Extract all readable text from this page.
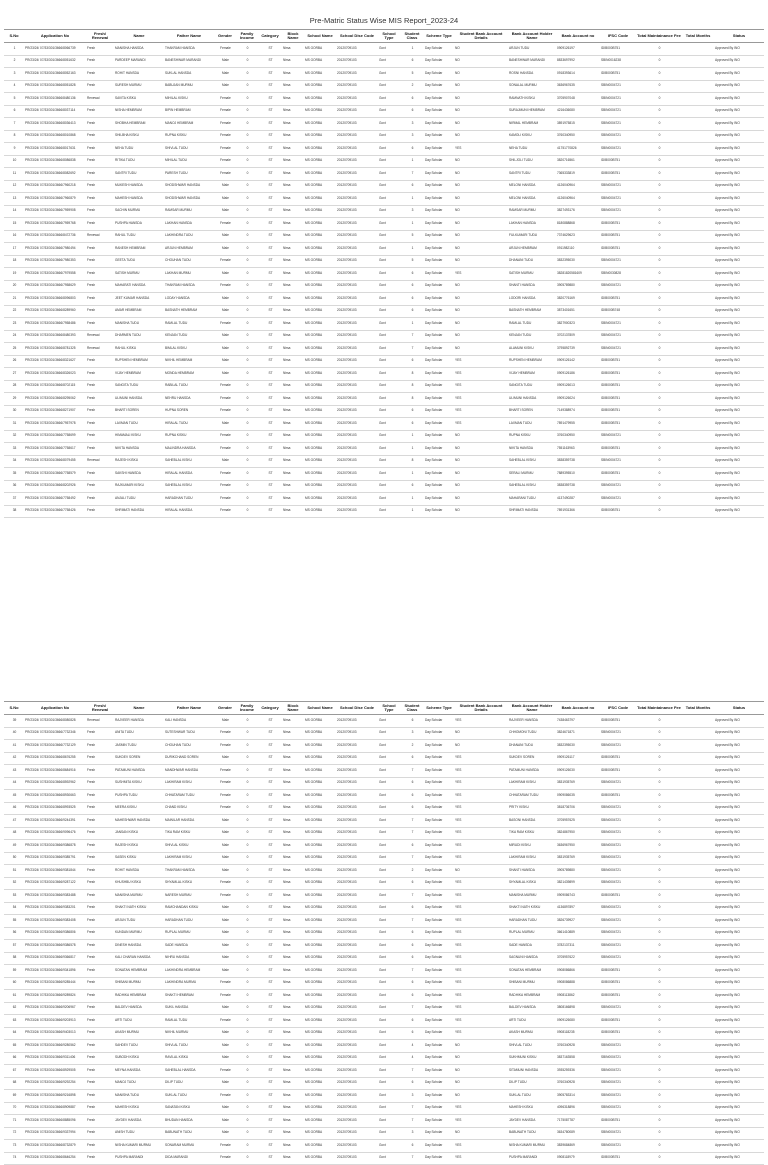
Pre-Matric Status Wise MIS Report_2023-24
S.No	Application No	Fresh/ Renewal	Name	Father Name	Gender	Family Income	Category	Block Name	School Name	School Dise Code	School Type	Student Class	Scheme Type	Student Bank Account Details	Bank Account Holder Name	Bank Account no	IFSC Code	Total Maintainance Fee	Total Months	Status
1	PR/23/24/ 07/33/301/3666/8066739	Fresh	MANISHA HANSDA	THAKRAM HANSDA	Female	0	ST	Nirsa	MS GORBA	20120709103	Govt	1	Day Scholar	NO	ARJUN TUDU	0909126197	IDIB000B751	0		Approved By INO
2	PR/23/24/ 07/33/301/3666/8051632	Fresh	PARDEEP MARANDI	BANESHWAR MARANDI	Male	0	ST	Nirsa	MS GORBA	20120709103	Govt	6	Day Scholar	NO	BANESHWAR MARANDI	8833697992	SBIN0016238	0		Approved By INO
3	PR/23/24/ 07/33/301/3666/8052163	Fresh	ROHIT HANSDA	SUKLAL HANSDA	Male	0	ST	Nirsa	MS GORBA	20120709103	Govt	5	Day Scholar	NO	ROSNI HANSDA	0918393614	IDIB000B751	0		Approved By INO
4	PR/23/24/ 07/33/301/3666/8051828	Fresh	SURESH MURMU	BABUJAN MURMU	Male	0	ST	Nirsa	MS GORBA	20120709103	Govt	2	Day Scholar	NO	SONALAL MURMU	3636967635	SBIN0004721	0		Approved By INO
5	PR/23/24/ 07/33/301/3666/8480136	Renewal	SAVITA KISKU	MIHILAL KISKU	Female	0	ST	Nirsa	MS GORBA	20120709103	Govt	6	Day Scholar	NO	RAMNATH KISKU	3705907048	SBIN0004721	0		Approved By INO
6	PR/23/24/ 07/33/301/3666/8037114	Fresh	NISHA HEMBRAM	BIPIN HEMBRAM	Female	0	ST	Nirsa	MS GORBA	20120709103	Govt	6	Day Scholar	NO	SURAJMUNI HEMBRAM	4216436080	SBIN0004721	0		Approved By INO
7	PR/23/24/ 07/33/301/3666/8036413	Fresh	SHOBHA HEMBRAM	MANOJ HEMBRAM	Female	0	ST	Nirsa	MS GORBA	20120709103	Govt	3	Day Scholar	NO	NIRMAL HEMBRAM	3891975815	SBIN0004721	0		Approved By INO
8	PR/23/24/ 07/33/301/3666/8010868	Fresh	SHILBHA KISKU	RUPNA KISKU	Female	0	ST	Nirsa	MS GORBA	20120709103	Govt	3	Day Scholar	NO	KAMOLI KISKU	3760340950	SBIN0004721	0		Approved By INO
9	PR/23/24/ 07/33/301/3666/8017631	Fresh	NEHA TUDU	SHIVLAL TUDU	Female	0	ST	Nirsa	MS GORBA	20120709103	Govt	6	Day Scholar	YES	NEHA TUDU	41751770826	SBIN0004721	0		Approved By INO
10	PR/23/24/ 07/33/301/3666/8086838	Fresh	RITIKA TUDU	MIHILAL TUDU	Female	0	ST	Nirsa	MS GORBA	20120709103	Govt	1	Day Scholar	NO	SHILJOLI TUDU	3820716561	IDIB000B751	0		Approved By INO
11	PR/23/24/ 07/33/301/3666/8082692	Fresh	SANTRI TUDU	PARESH TUDU	Female	0	ST	Nirsa	MS GORBA	20120709103	Govt	7	Day Scholar	NO	SANTRI TUDU	7365333819	IDIB000B751	0		Approved By INO
12	PR/23/24/ 07/33/301/3666/7960218	Fresh	MUKESH HANSDA	SHODSHWAR HANSDA	Male	0	ST	Nirsa	MS GORBA	20120709103	Govt	6	Day Scholar	NO	MELONI HANSDA	4126040964	SBIN0004721	0		Approved By INO
13	PR/23/24/ 07/33/301/3666/7960879	Fresh	MAHESH HANSDA	SHODSHWAR HANSDA	Male	0	ST	Nirsa	MS GORBA	20120709103	Govt	1	Day Scholar	NO	MELONI HANSDA	4126040964	SBIN0004721	0		Approved By INO
14	PR/23/24/ 07/33/301/3666/7959908	Fresh	SACHIN MURMU	RAMSAR MURMU	Male	0	ST	Nirsa	MS GORBA	20120709103	Govt	3	Day Scholar	NO	RAMSAR MURMU	3827493176	SBIN0004721	0		Approved By INO
15	PR/23/24/ 07/33/301/3666/7959768	Fresh	PUSHPA HANSDA	LAKHAN HANSDA	Female	0	ST	Nirsa	MS GORBA	20120709103	Govt	1	Day Scholar	NO	LAKHAN HANSDA	8180888868	IDIB000B751	0		Approved By INO
16	PR/23/24/ 07/33/301/3666/8472736	Renewal	RAHUL TUDU	LAKHINDRA TUDU	Male	0	ST	Nirsa	MS GORBA	20120709103	Govt	5	Day Scholar	NO	FULKUMARI TUDU	7374629623	IDIB000B751	0		Approved By INO
17	PR/23/24/ 07/33/301/3666/7980494	Fresh	RANESH HEMBRAM	ARJUN HEMBRAM	Male	0	ST	Nirsa	MS GORBA	20120709103	Govt	1	Day Scholar	NO	ARJUN HEMBRAM	0911982110	IDIB000B751	0		Approved By INO
18	PR/23/24/ 07/33/301/3666/7980353	Fresh	GEETA TUDU	CHOUHAN TUDU	Female	0	ST	Nirsa	MS GORBA	20120709103	Govt	5	Day Scholar	NO	DHANANI TUDU	3832395030	SBIN0004721	0		Approved By INO
19	PR/23/24/ 07/33/301/3666/7979558	Fresh	SATISH MURMU	LAKHAN MURMU	Male	0	ST	Nirsa	MS GORBA	20120709103	Govt	6	Day Scholar	YES	SATISH MURMU	38281820581609	SBIN0030828	0		Approved By INO
20	PR/23/24/ 07/33/301/3666/7958629	Fresh	MAHARATI HANSDA	THAKRAM HANSDA	Female	0	ST	Nirsa	MS GORBA	20120709103	Govt	6	Day Scholar	NO	SHANTI HANSDA	3905789880	SBIN0004721	0		Approved By INO
21	PR/23/24/ 07/33/301/3666/8096803	Fresh	JEET KUMAR HANSDA	LODAY HANSDA	Male	0	ST	Nirsa	MS GORBA	20120709103	Govt	6	Day Scholar	NO	LODORI HANSDA	3820776169	IDIB000B751	0		Approved By INO
22	PR/23/24/ 07/33/301/3666/8289960	Fresh	AMAR HEMBRAM	BASNATH HEMBRAM	Male	0	ST	Nirsa	MS GORBA	20120709103	Govt	6	Day Scholar	NO	BASNATH HEMBRAM	3873401651	IDIB000B748	0		Approved By INO
23	PR/23/24/ 07/33/301/3666/7958486	Fresh	MANISHA TUDU	RAMLAL TUDU	Female	0	ST	Nirsa	MS GORBA	20120709103	Govt	1	Day Scholar	NO	RAMLAL TUDU	3827900323	SBIN0004721	0		Approved By INO
24	PR/23/24/ 07/33/301/3666/8480393	Renewal	DHARMEN TUDU	KENJAN TUDU	Male	0	ST	Nirsa	MS GORBA	20120709103	Govt	7	Day Scholar	NO	KENJAN TUDU	3702137809	SBIN0004721	0		Approved By INO
25	PR/23/24/ 07/33/301/3666/8781325	Renewal	RAHUL KISKU	BIMLAL KISKU	Male	0	ST	Nirsa	MS GORBA	20120709103	Govt	7	Day Scholar	NO	ALAMUNI KISKU	3795892739	SBIN0004721	0		Approved By INO
26	PR/23/24/ 07/33/301/3666/8321627	Fresh	RUPSHEN HEMBRAM	NIKHIL HEMBRAM	Male	0	ST	Nirsa	MS GORBA	20120709103	Govt	6	Day Scholar	YES	RUPSHEN HEMBRAM	0909126142	IDIB000B751	0		Approved By INO
27	PR/23/24/ 07/33/301/3666/8326023	Fresh	VIJAY HEMBRAM	MONDA HEMBRAM	Male	0	ST	Nirsa	MS GORBA	20120709103	Govt	8	Day Scholar	YES	VIJAY HEMBRAM	0909126186	IDIB000B751	0		Approved By INO
28	PR/23/24/ 07/33/301/3666/8702115	Fresh	SANGITA TUDU	RABILAL TUDU	Female	0	ST	Nirsa	MS GORBA	20120709103	Govt	8	Day Scholar	YES	SANGITA TUDU	0909126013	IDIB000B751	0		Approved By INO
29	PR/23/24/ 07/33/301/3666/8295062	Fresh	ULIMUNI HANSDA	NEHRU HANSDA	Female	0	ST	Nirsa	MS GORBA	20120709103	Govt	8	Day Scholar	YES	ULIMUNI HANSDA	0909126024	IDIB000B751	0		Approved By INO
30	PR/23/24/ 07/33/301/3666/8271907	Fresh	BHARTI SOREN	HUPNA SOREN	Female	0	ST	Nirsa	MS GORBA	20120709103	Govt	6	Day Scholar	YES	BHARTI SOREN	7149388974	IDIB000B751	0		Approved By INO
31	PR/23/24/ 07/33/301/3666/7957978	Fresh	LAXMAN TUDU	HIRALAL TUDU	Male	0	ST	Nirsa	MS GORBA	20120709103	Govt	6	Day Scholar	YES	LAXMAN TUDU	7891479955	IDIB000B751	0		Approved By INO
32	PR/23/24/ 07/33/301/3666/7758699	Fresh	HIMAMALI KISKU	RUPNA KISKU	Female	0	ST	Nirsa	MS GORBA	20120709103	Govt	1	Day Scholar	NO	RUPNA KISKU	3760340950	SBIN0004721	0		Approved By INO
33	PR/23/24/ 07/33/301/3666/7758617	Fresh	NIKITA HANSDA	MALINDRA HANSDA	Female	0	ST	Nirsa	MS GORBA	20120709103	Govt	1	Day Scholar	NO	NIKITA HANSDA	7551163963	IDIB000B751	0		Approved By INO
34	PR/23/24/ 07/33/301/3666/8079455	Renewal	RAJESH KISKU	SAHEBLAL KISKU	Male	0	ST	Nirsa	MS GORBA	20120709103	Govt	8	Day Scholar	NO	SAHEBLAL KISKU	3838359738	SBIN0004721	0		Approved By INO
35	PR/23/24/ 07/33/301/3666/7758579	Fresh	SAKSHI HANSDA	HIRALAL HANSDA	Female	0	ST	Nirsa	MS GORBA	20120709103	Govt	1	Day Scholar	NO	SERALI MURMU	7889395510	IDIB000B751	0		Approved By INO
36	PR/23/24/ 07/33/301/3666/8202926	Fresh	RAJKUMARI KISKU	SAHEBLAL KISKU	Female	0	ST	Nirsa	MS GORBA	20120709103	Govt	6	Day Scholar	NO	SAHEBLAL KISKU	3838359738	SBIN0004721	0		Approved By INO
37	PR/23/24/ 07/33/301/3666/7758492	Fresh	ANJALI TUDU	HARADHAN TUDU	Female	0	ST	Nirsa	MS GORBA	20120709103	Govt	1	Day Scholar	NO	MAHARANI TUDU	4137490287	SBIN0004721	0		Approved By INO
38	PR/23/24/ 07/33/301/3666/7758426	Fresh	SHRIMATI HANSDA	HIRALAL HANSDA	Female	0	ST	Nirsa	MS GORBA	20120709103	Govt	1	Day Scholar	NO	SHRIMATI HANSDA	7891931366	IDIB000B751	0		Approved By INO
S.No	Application No	Fresh/ Renewal	Name	Father Name	Gender	Family Income	Category	Block Name	School Name	School Dise Code	School Type	Student Class	Scheme Type	Student Bank Account Details	Bank Account Holder Name	Bank Account no	IFSC Code	Total Maintainance Fee	Total Months	Status
39	PR/23/24/ 07/33/301/3666/8080828	Renewal	RAJVEER HANSDA	KALI HANSDA	Male	0	ST	Nirsa	MS GORBA	20120709103	Govt	6	Day Scholar	YES	RAJVEER HANSDA	7438463797	IDIB000B751	0		Approved By INO
40	PR/23/24/ 07/33/301/3666/7732346	Fresh	ANITA TUDU	SUTESHWAR TUDU	Female	0	ST	Nirsa	MS GORBA	20120709103	Govt	3	Day Scholar	NO	CHHOMONI TUDU	3824671871	SBIN0004721	0		Approved By INO
41	PR/23/24/ 07/33/301/3666/7732129	Fresh	JASMIN TUDU	CHOUHAN TUDU	Female	0	ST	Nirsa	MS GORBA	20120709103	Govt	2	Day Scholar	NO	DHANANI TUDU	3832395030	SBIN0004721	0		Approved By INO
42	PR/23/24/ 07/33/301/3666/8676255	Fresh	SUKDEV SOREN	DURIKCHAND SOREN	Male	0	ST	Nirsa	MS GORBA	20120709103	Govt	6	Day Scholar	YES	SUKDEV SOREN	0909126117	IDIB000B751	0		Approved By INO
43	PR/23/24/ 07/33/301/3666/8684916	Fresh	PATAMUNI HANSDA	MANDHWAR HANSDA	Female	0	ST	Nirsa	MS GORBA	20120709103	Govt	7	Day Scholar	YES	PATAMUNI HANSDA	0909126030	IDIB000B751	0		Approved By INO
44	PR/23/24/ 07/33/301/3666/8592962	Fresh	SUSHMITA KISKU	LAKHIRAM KISKU	Female	0	ST	Nirsa	MS GORBA	20120709103	Govt	6	Day Scholar	YES	LAKHIRAM KISKU	3831935769	SBIN0004721	0		Approved By INO
45	PR/23/24/ 07/33/301/3666/8930663	Fresh	PUSHPA TUDU	CHHATARAM TUDU	Female	0	ST	Nirsa	MS GORBA	20120709103	Govt	6	Day Scholar	YES	CHHATARAM TUDU	0909086035	IDIB000B751	0		Approved By INO
46	PR/23/24/ 07/33/301/3666/8993525	Fresh	MEERA KISKU	CHAND KISKU	Female	0	ST	Nirsa	MS GORBA	20120709103	Govt	6	Day Scholar	YES	PRITY KISKU	3818736706	SBIN0004721	0		Approved By INO
47	PR/23/24/ 07/33/301/3666/9244391	Fresh	MAHESHWAR HANSDA	MAINILAR HANSDA	Male	0	ST	Nirsa	MS GORBA	20120709103	Govt	7	Day Scholar	YES	BASONI HANSDA	3705957625	SBIN0004721	0		Approved By INO
48	PR/23/24/ 07/33/301/3666/9096476	Fresh	JANSAN KISKU	TIKA RAM KISKU	Male	0	ST	Nirsa	MS GORBA	20120709103	Govt	7	Day Scholar	YES	TIKA RAM KISKU	3824867950	SBIN0004721	0		Approved By INO
49	PR/23/24/ 07/33/301/3666/9386878	Fresh	RAJESH KISKU	SHIVLAL KISKU	Male	0	ST	Nirsa	MS GORBA	20120709103	Govt	6	Day Scholar	YES	MIRUDI KISKU	3636967950	SBIN0004721	0		Approved By INO
50	PR/23/24/ 07/33/301/3666/9385791	Fresh	SASEN KISKU	LAKHIRAM KISKU	Male	0	ST	Nirsa	MS GORBA	20120709103	Govt	7	Day Scholar	YES	LAKHIRAM KISKU	3831935769	SBIN0004721	0		Approved By INO
51	PR/23/24/ 07/33/301/3666/9381844	Fresh	ROHIT HANSDA	THAKRAM HANSDA	Male	0	ST	Nirsa	MS GORBA	20120709103	Govt	2	Day Scholar	NO	SHANTI HANSDA	3905789880	SBIN0004721	0		Approved By INO
52	PR/23/24/ 07/33/301/3666/9287122	Fresh	KHUSHBU KISKU	SHYAMLAL KISKU	Female	0	ST	Nirsa	MS GORBA	20120709103	Govt	6	Day Scholar	YES	SHYAMLAL KISKU	3821439899	SBIN0004721	0		Approved By INO
53	PR/23/24/ 07/33/301/3666/9383488	Fresh	MANISHA MURMU	NARESH MURMU	Female	0	ST	Nirsa	MS GORBA	20120709103	Govt	7	Day Scholar	YES	MANISHA MURMU	0909086743	IDIB000B751	0		Approved By INO
54	PR/23/24/ 07/33/301/3666/9383201	Fresh	SHAKTI NATH KISKU	RAMCHANDAN KISKU	Male	0	ST	Nirsa	MS GORBA	20120709103	Govt	6	Day Scholar	YES	SHAKTI NATH KISKU	4136897897	SBIN0004721	0		Approved By INO
55	PR/23/24/ 07/33/301/3666/9383408	Fresh	ARJUN TUDU	HARADHAN TUDU	Male	0	ST	Nirsa	MS GORBA	20120709103	Govt	7	Day Scholar	YES	HARADHAN TUDU	3826739927	SBIN0004721	0		Approved By INO
56	PR/23/24/ 07/33/301/3666/9386806	Fresh	KUNDAN MURMU	RUPLAL MURMU	Male	0	ST	Nirsa	MS GORBA	20120709103	Govt	6	Day Scholar	YES	RUPLAL MURMU	3661410889	SBIN0004721	0		Approved By INO
57	PR/23/24/ 07/33/301/3666/9386578	Fresh	DINESH HANSDA	SADE HANSDA	Male	0	ST	Nirsa	MS GORBA	20120709103	Govt	6	Day Scholar	YES	SADE HANSDA	3782137311	SBIN0004721	0		Approved By INO
58	PR/23/24/ 07/33/301/3666/9366817	Fresh	KALI CHARAN HANSDA	NIHRU HANSDA	Male	0	ST	Nirsa	MS GORBA	20120709103	Govt	6	Day Scholar	YES	SAGNUNI HANSDA	3705957622	SBIN0004721	0		Approved By INO
59	PR/23/24/ 07/33/301/3666/9341896	Fresh	SONATAN HEMBRAM	LAKHINDRA HEMBRAM	Male	0	ST	Nirsa	MS GORBA	20120709103	Govt	7	Day Scholar	YES	SONATAN HEMBRAM	0908086866	IDIB000B751	0		Approved By INO
60	PR/23/24/ 07/33/301/3666/9285444	Fresh	SHIBANI MURMU	LAKHINDRA MURMU	Female	0	ST	Nirsa	MS GORBA	20120709103	Govt	6	Day Scholar	YES	SHIBANI MURMU	0908086888	IDIB000B751	0		Approved By INO
61	PR/23/24/ 07/33/301/3666/9289824	Fresh	RADHIKA HEMBRAM	SHAKTI HEMBRAM	Female	0	ST	Nirsa	MS GORBA	20120709103	Govt	6	Day Scholar	YES	RADHIKA HEMBRAM	0908113862	IDIB000B751	0		Approved By INO
62	PR/23/24/ 07/33/301/3666/9206967	Fresh	BALDEV HANSDA	SUKIL HANSDA	Male	0	ST	Nirsa	MS GORBA	20120709103	Govt	7	Day Scholar	YES	BALDEV HANSDA	3808166898	SBIN0004721	0		Approved By INO
63	PR/23/24/ 07/33/301/3666/9203913	Fresh	ARTI TUDU	RAMLAL TUDU	Female	0	ST	Nirsa	MS GORBA	20120709103	Govt	6	Day Scholar	YES	ARTI TUDU	0909126080	IDIB000B751	0		Approved By INO
64	PR/23/24/ 07/33/301/3666/9403013	Fresh	AKASH MURMU	NIKHIL MURMU	Male	0	ST	Nirsa	MS GORBA	20120709103	Govt	6	Day Scholar	YES	AKASH MURMU	0908118235	IDIB000B751	0		Approved By INO
65	PR/23/24/ 07/33/301/3666/9280562	Fresh	SAHDEV TUDU	SHIVLAL TUDU	Male	0	ST	Nirsa	MS GORBA	20120709103	Govt	4	Day Scholar	NO	SHIVLAL TUDU	3760340928	SBIN0004721	0		Approved By INO
66	PR/23/24/ 07/33/301/3666/9311406	Fresh	SUBODH KISKU	RAVILAL KISKU	Male	0	ST	Nirsa	MS GORBA	20120709103	Govt	4	Day Scholar	NO	SUKHMUNI KISKU	3837163558	SBIN0004721	0		Approved By INO
67	PR/23/24/ 07/33/301/3666/8929505	Fresh	MEYNA HANSDA	SAHEBLAL HANSDA	Female	0	ST	Nirsa	MS GORBA	20120709103	Govt	7	Day Scholar	NO	SITAMUNI HANSDA	3935259336	SBIN0004721	0		Approved By INO
68	PR/23/24/ 07/33/301/3666/9292254	Fresh	MANOJ TUDU	DILIP TUDU	Male	0	ST	Nirsa	MS GORBA	20120709103	Govt	6	Day Scholar	NO	DILIP TUDU	3760340928	SBIN0004721	0		Approved By INO
69	PR/23/24/ 07/33/301/3666/9216898	Fresh	MANISHA TUDU	SUKLAL TUDU	Female	0	ST	Nirsa	MS GORBA	20120709103	Govt	3	Day Scholar	NO	SUKLAL TUDU	3905783314	SBIN0004721	0		Approved By INO
70	PR/23/24/ 07/33/301/3666/8909887	Fresh	MAHESH KISKU	SANATAN KISKU	Male	0	ST	Nirsa	MS GORBA	20120709103	Govt	7	Day Scholar	YES	MAHESH KISKU	4096318896	SBIN0004721	0		Approved By INO
71	PR/23/24/ 07/33/301/3666/8885096	Fresh	JAYDEV HANSDA	BHUDAN HANSDA	Male	0	ST	Nirsa	MS GORBA	20120709103	Govt	7	Day Scholar	YES	JAYDEV HANSDA	7175087787	IDIB000B751	0		Approved By INO
72	PR/23/24/ 07/33/301/3666/9337994	Fresh	ANISH TUDU	BABUNATH TUDU	Male	0	ST	Nirsa	MS GORBA	20120709103	Govt	3	Day Scholar	NO	BABUNATH TUDU	3634780089	SBIN0004721	0		Approved By INO
73	PR/23/24/ 07/33/301/3666/8732879	Fresh	NISHA KUMARI MURMU	SONARAM MURMU	Female	0	ST	Nirsa	MS GORBA	20120709103	Govt	6	Day Scholar	YES	NISHA KUMARI MURMU	3839684869	SBIN0004721	0		Approved By INO
74	PR/23/24/ 07/33/301/3666/8646254	Fresh	PUSHPA MARANDI	DIDA MARANDI	Female	0	ST	Nirsa	MS GORBA	20120709103	Govt	7	Day Scholar	YES	PUSHPA MARANDI	0908118979	IDIB000B751	0		Approved By INO
